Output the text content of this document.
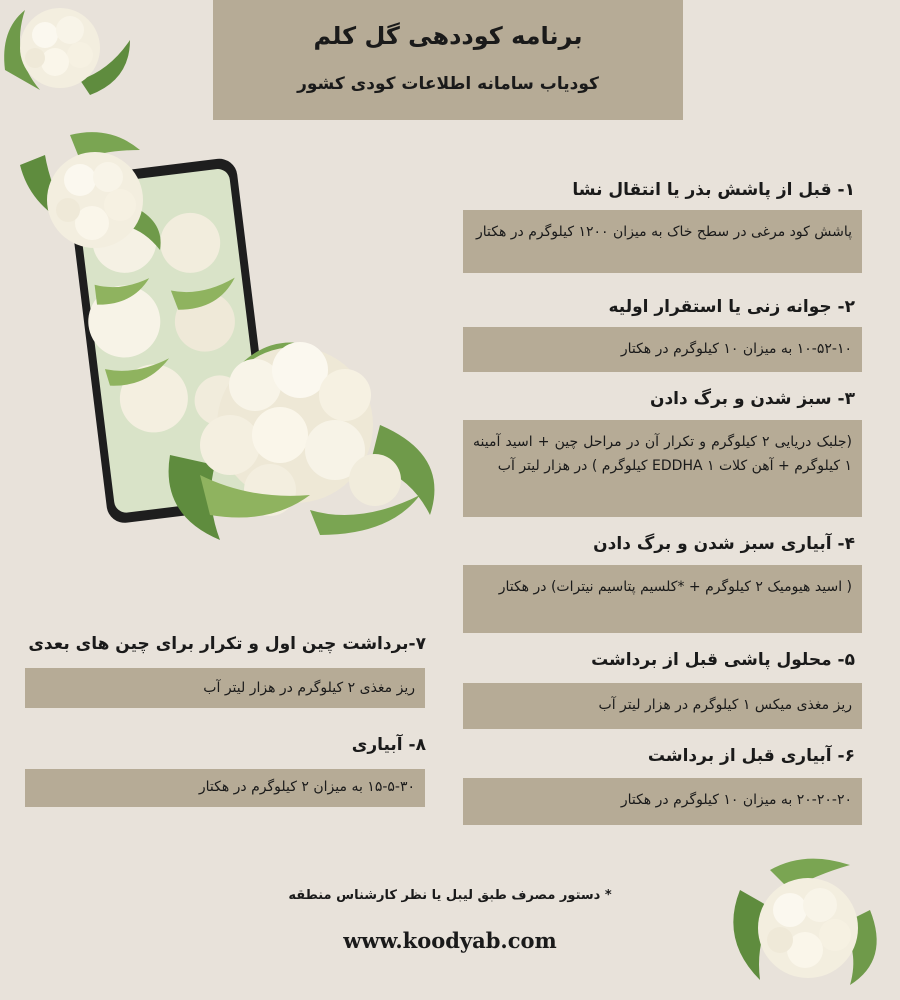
برنامه کوددهی گل کلم
کودیاب سامانه اطلاعات کودی کشور
۱- قبل از پاشش بذر یا انتقال نشا
پاشش کود مرغی در سطح خاک به میزان ۱۲۰۰ کیلوگرم در هکتار
۲- جوانه زنی یا استقرار اولیه
۱۰-۵۲-۱۰ به میزان ۱۰ کیلوگرم در هکتار
۳- سبز شدن و برگ دادن
(جلبک دریایی ۲ کیلوگرم و تکرار آن در مراحل چین + اسید آمینه ۱ کیلوگرم + آهن کلات EDDHA ۱ کیلوگرم ) در هزار لیتر آب
۴- آبیاری سبز شدن و برگ دادن
( اسید هیومیک ۲ کیلوگرم + *کلسیم پتاسیم نیترات) در هکتار
۵- محلول پاشی قبل از برداشت
ریز مغذی میکس ۱ کیلوگرم در هزار لیتر آب
۶- آبیاری قبل از برداشت
۲۰-۲۰-۲۰ به میزان ۱۰ کیلوگرم در هکتار
۷-برداشت چین اول و تکرار برای چین های بعدی
ریز مغذی ۲ کیلوگرم در هزار لیتر آب
۸- آبیاری
۱۵-۵-۳۰ به میزان ۲ کیلوگرم در هکتار
* دستور مصرف طبق لیبل یا نظر کارشناس منطقه
www.koodyab.com
